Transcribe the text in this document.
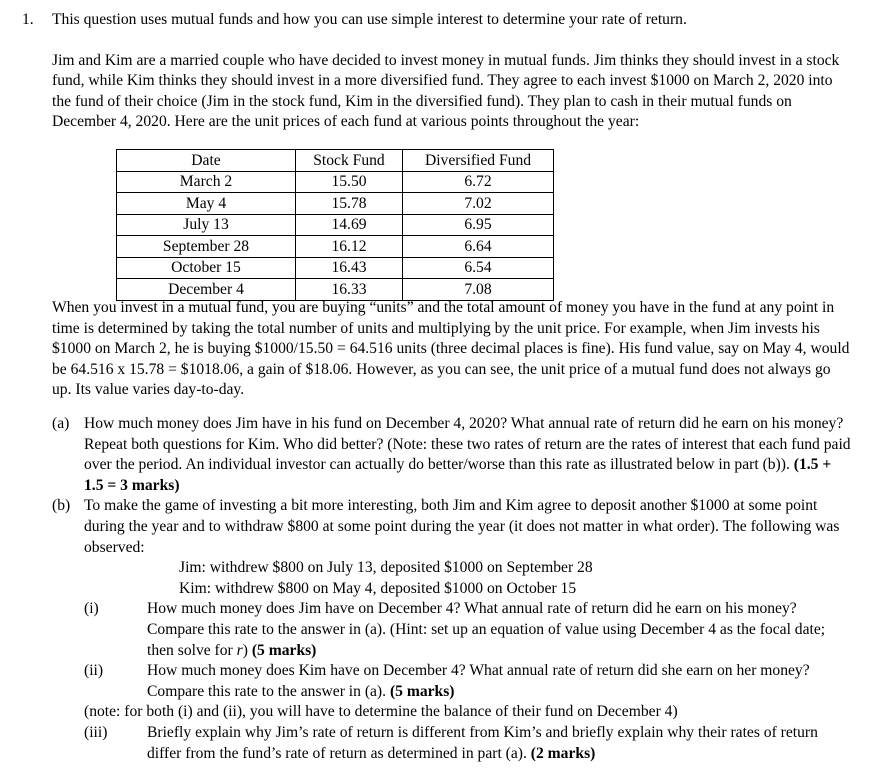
1. This question uses mutual funds and how you can use simple interest to determine your rate of return.

Jim and Kim are a married couple who have decided to invest money in mutual funds. Jim thinks they should invest in a stock fund, while Kim thinks they should invest in a more diversified fund. They agree to each invest $1000 on March 2, 2020 into the fund of their choice (Jim in the stock fund, Kim in the diversified fund). They plan to cash in their mutual funds on December 4, 2020. Here are the unit prices of each fund at various points throughout the year:

Date	Stock Fund	Diversified Fund
March 2	15.50	6.72
May 4	15.78	7.02
July 13	14.69	6.95
September 28	16.12	6.64
October 15	16.43	6.54
December 4	16.33	7.08
When you invest in a mutual fund, you are buying “units” and the total amount of money you have in the fund at any point in time is determined by taking the total number of units and multiplying by the unit price. For example, when Jim invests his $1000 on March 2, he is buying $1000/15.50 = 64.516 units (three decimal places is fine). His fund value, say on May 4, would be 64.516 x 15.78 = $1018.06, a gain of $18.06. However, as you can see, the unit price of a mutual fund does not always go up. Its value varies day-to-day.
(a) How much money does Jim have in his fund on December 4, 2020? What annual rate of return did he earn on his money? Repeat both questions for Kim. Who did better? (Note: these two rates of return are the rates of interest that each fund paid over the period. An individual investor can actually do better/worse than this rate as illustrated below in part (b)). (1.5 + 1.5 = 3 marks)
(b) To make the game of investing a bit more interesting, both Jim and Kim agree to deposit another $1000 at some point during the year and to withdraw $800 at some point during the year (it does not matter in what order). The following was observed:
Jim: withdrew $800 on July 13, deposited $1000 on September 28
Kim: withdrew $800 on May 4, deposited $1000 on October 15
(i)	How much money does Jim have on December 4? What annual rate of return did he earn on his money? Compare this rate to the answer in (a). (Hint: set up an equation of value using December 4 as the focal date; then solve for r) (5 marks)
(ii)	How much money does Kim have on December 4? What annual rate of return did she earn on her money? Compare this rate to the answer in (a). (5 marks)
(note: for both (i) and (ii), you will have to determine the balance of their fund on December 4)
(iii)	Briefly explain why Jim’s rate of return is different from Kim’s and briefly explain why their rates of return differ from the fund’s rate of return as determined in part (a). (2 marks)
